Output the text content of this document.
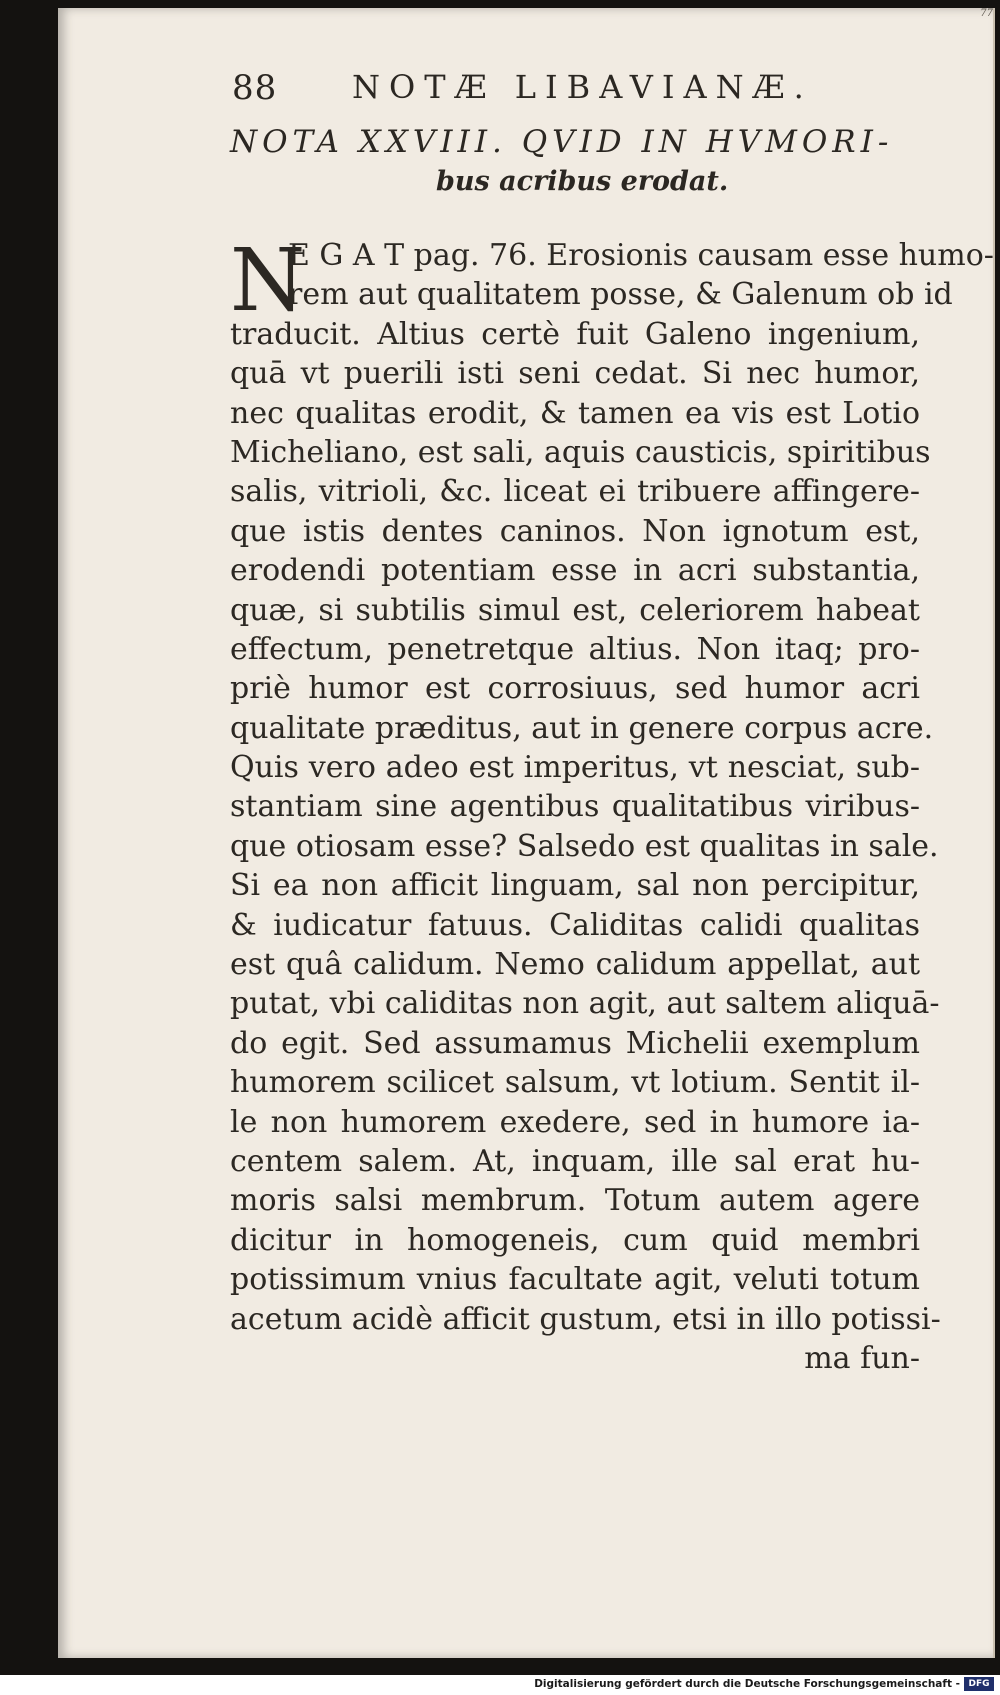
77
88 NOTÆ LIBAVIANÆ.
NOTA XXVIII. QVID IN HVMORI-
bus acribus erodat.
N
E G A T pag. 76. Erosionis causam esse humo-
rem aut qualitatem posse, & Galenum ob id
traducit. Altius certè fuit Galeno ingenium,
quā vt puerili isti seni cedat. Si nec humor,
nec qualitas erodit, & tamen ea vis est Lotio
Micheliano, est sali, aquis causticis, spiritibus
salis, vitrioli, &c. liceat ei tribuere affingere-
que istis dentes caninos. Non ignotum est,
erodendi potentiam esse in acri substantia,
quæ, si subtilis simul est, celeriorem habeat
effectum, penetretque altius. Non itaq; pro-
priè humor est corrosiuus, sed humor acri
qualitate præditus, aut in genere corpus acre.
Quis vero adeo est imperitus, vt nesciat, sub-
stantiam sine agentibus qualitatibus viribus-
que otiosam esse? Salsedo est qualitas in sale.
Si ea non afficit linguam, sal non percipitur,
& iudicatur fatuus. Caliditas calidi qualitas
est quâ calidum. Nemo calidum appellat, aut
putat, vbi caliditas non agit, aut saltem aliquā-
do egit. Sed assumamus Michelii exemplum
humorem scilicet salsum, vt lotium. Sentit il-
le non humorem exedere, sed in humore ia-
centem salem. At, inquam, ille sal erat hu-
moris salsi membrum. Totum autem agere
dicitur in homogeneis, cum quid membri
potissimum vnius facultate agit, veluti totum
acetum acidè afficit gustum, etsi in illo potissi-
ma fun-
Digitalisierung gefördert durch die Deutsche Forschungsgemeinschaft - DFG
